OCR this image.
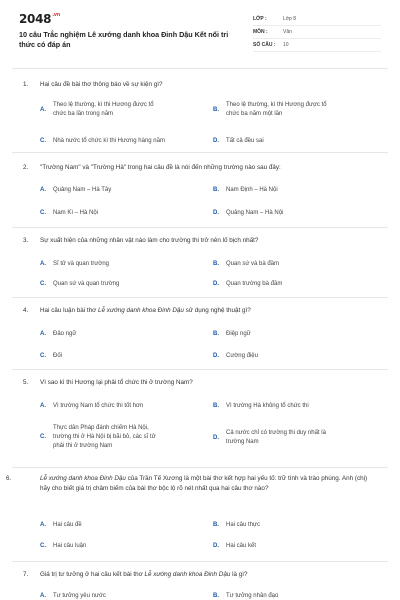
$2048^{.vn}$
10 câu Trắc nghiệm Lê xướng danh khoa Đinh Dậu Kết nối tri thức có đáp án
LỚP :	Lớp 8
MÔN :	Văn
SỐ CÂU :	10
1. Hai câu đề bài thơ thông báo về sự kiện gì?
A.
Theo lệ thường, kì thi Hương được tổ chức ba lần trong năm
B.
Theo lệ thường, kì thi Hương được tổ chức ba năm một lần
C.	Nhà nước tổ chức kì thi Hương hàng năm	D.	Tất cả đều sai
2. "Trường Nam" và "Trường Hà" trong hai câu đề là nói đến những trường nào sau đây:
A.	Quảng Nam – Hà Tây	B.	Nam Định – Hà Nội
C.	Nam Kì – Hà Nội	D.	Quảng Nam – Hà Nội
3. Sự xuất hiện của những nhân vật nào làm cho trường thi trở nên lố bịch nhất?
A.	Sĩ tử và quan trường	B.	Quan sứ và bà đầm
C.	Quan sứ và quan trường	D.	Quan trường bà đầm
4. Hai câu luận bài thơ Lễ xướng danh khoa Đinh Dậu sử dụng nghệ thuật gì?
A.	Đảo ngữ	B.	Điệp ngữ
C.	Đối	D.	Cường điệu
5. Vì sao kì thi Hương lại phải tổ chức thi ở trường Nam?
A.	Vì trường Nam tổ chức thi tốt hơn	B.	Vì trường Hà không tổ chức thi
C.
Thực dân Pháp đánh chiếm Hà Nội, trường thi ở Hà Nội bị bãi bỏ, các sĩ tử phải thi ở trường Nam
D.
Cả nước chỉ có trường thi duy nhất là trường Nam
6.	Lễ xướng danh khoa Đinh Dậu của Trần Tế Xương là một bài thơ kết hợp hai yếu tố: trữ tình và trào phúng. Anh (chị) hãy cho biết giá trị châm biếm của bài thơ bộc lộ rõ nét nhất qua hai câu thơ nào?
A.	Hai câu đề	B.	Hai câu thực
C.	Hai câu luận	D.	Hai câu kết
7. Giá trị tư tưởng ở hai câu kết bài thơ Lễ xướng danh khoa Đinh Dậu là gì?
A.	Tư tưởng yêu nước	B.	Tư tưởng nhân đạo
